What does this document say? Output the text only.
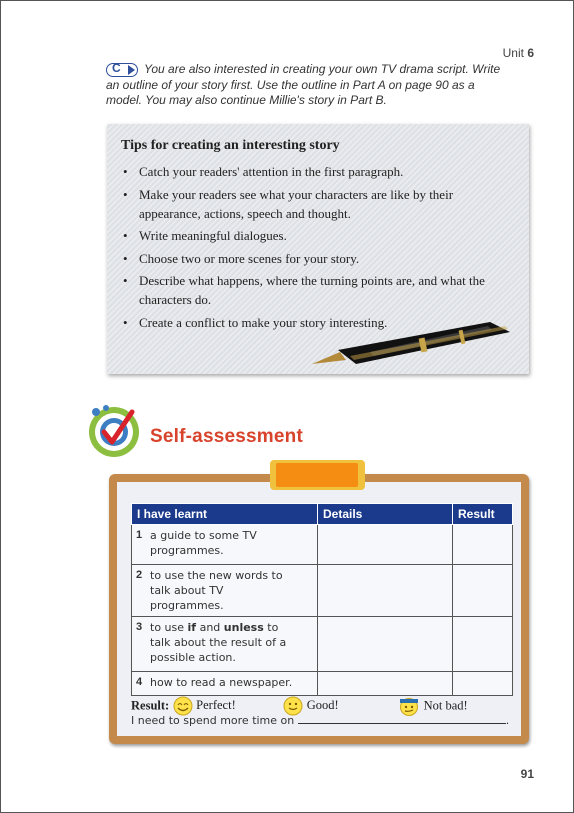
Unit 6
C You are also interested in creating your own TV drama script. Write an outline of your story first. Use the outline in Part A on page 90 as a model. You may also continue Millie's story in Part B.
Tips for creating an interesting story
• Catch your readers' attention in the first paragraph.
• Make your readers see what your characters are like by their appearance, actions, speech and thought.
• Write meaningful dialogues.
• Choose two or more scenes for your story.
• Describe what happens, where the turning points are, and what the characters do.
• Create a conflict to make your story interesting.
Self-assessment
I have learnt	Details	Result
1 a guide to some TV programmes.		
2 to use the new words to talk about TV programmes.		
3 to use if and unless to talk about the result of a possible action.		
4 how to read a newspaper.		
Result: Perfect!	Good!	Not bad!
I need to spend more time on	.
91
